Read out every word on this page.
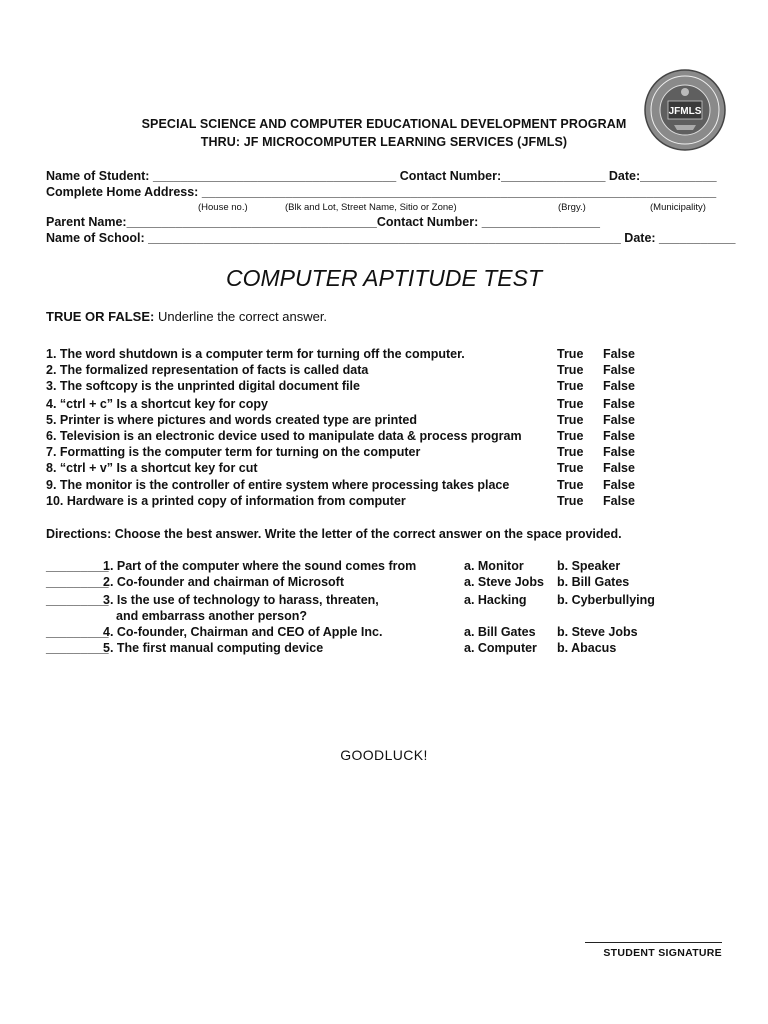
JFMLS
SPECIAL SCIENCE AND COMPUTER EDUCATIONAL DEVELOPMENT PROGRAM
THRU: JF MICROCOMPUTER LEARNING SERVICES (JFMLS)
Name of Student: ___________________________________ Contact Number:_______________ Date:___________
Complete Home Address: __________________________________________________________________________
(House no.)	(Blk and Lot, Street Name, Sitio or Zone)	(Brgy.)	(Municipality)
Parent Name:____________________________________Contact Number: _________________
Name of School: ____________________________________________________________________ Date: ___________
COMPUTER APTITUDE TEST
TRUE OR FALSE: Underline the correct answer.
1. The word shutdown is a computer term for turning off the computer.	True False
2. The formalized representation of facts is called data	True False
3. The softcopy is the unprinted digital document file	True False
4. “ctrl + c” Is a shortcut key for copy	True False
5. Printer is where pictures and words created type are printed	True False
6. Television is an electronic device used to manipulate data & process program	True False
7. Formatting is the computer term for turning on the computer	True False
8. “ctrl + v” Is a shortcut key for cut	True False
9. The monitor is the controller of entire system where processing takes place	True False
10. Hardware is a printed copy of information from computer	True False
Directions: Choose the best answer. Write the letter of the correct answer on the space provided.
_________
1. Part of the computer where the sound comes from	a. Monitor	b. Speaker
_________
2. Co-founder and chairman of Microsoft	a. Steve Jobs b. Bill Gates
_________
3. Is the use of technology to harass, threaten,	a. Hacking b. Cyberbullying
and embarrass another person?
_________
4. Co-founder, Chairman and CEO of Apple Inc.	a. Bill Gates b. Steve Jobs
_________
5. The first manual computing device	a. Computer b. Abacus
GOODLUCK!
STUDENT SIGNATURE
